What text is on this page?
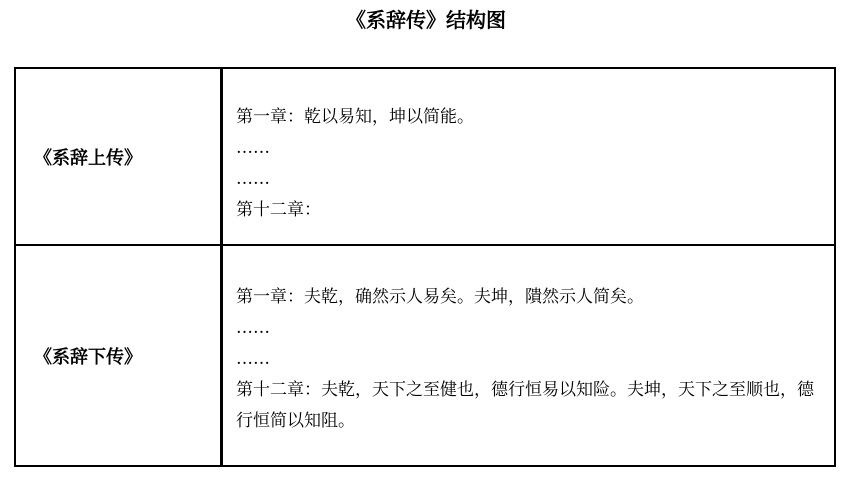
《系辞传》结构图
《系辞上传》
第一章：乾以易知，坤以简能。
……
……
第十二章：
《系辞下传》
第一章：夫乾，确然示人易矣。夫坤，隤然示人简矣。
……
……
第十二章：夫乾，天下之至健也，德行恒易以知险。夫坤，天下之至顺也，德行恒简以知阻。
